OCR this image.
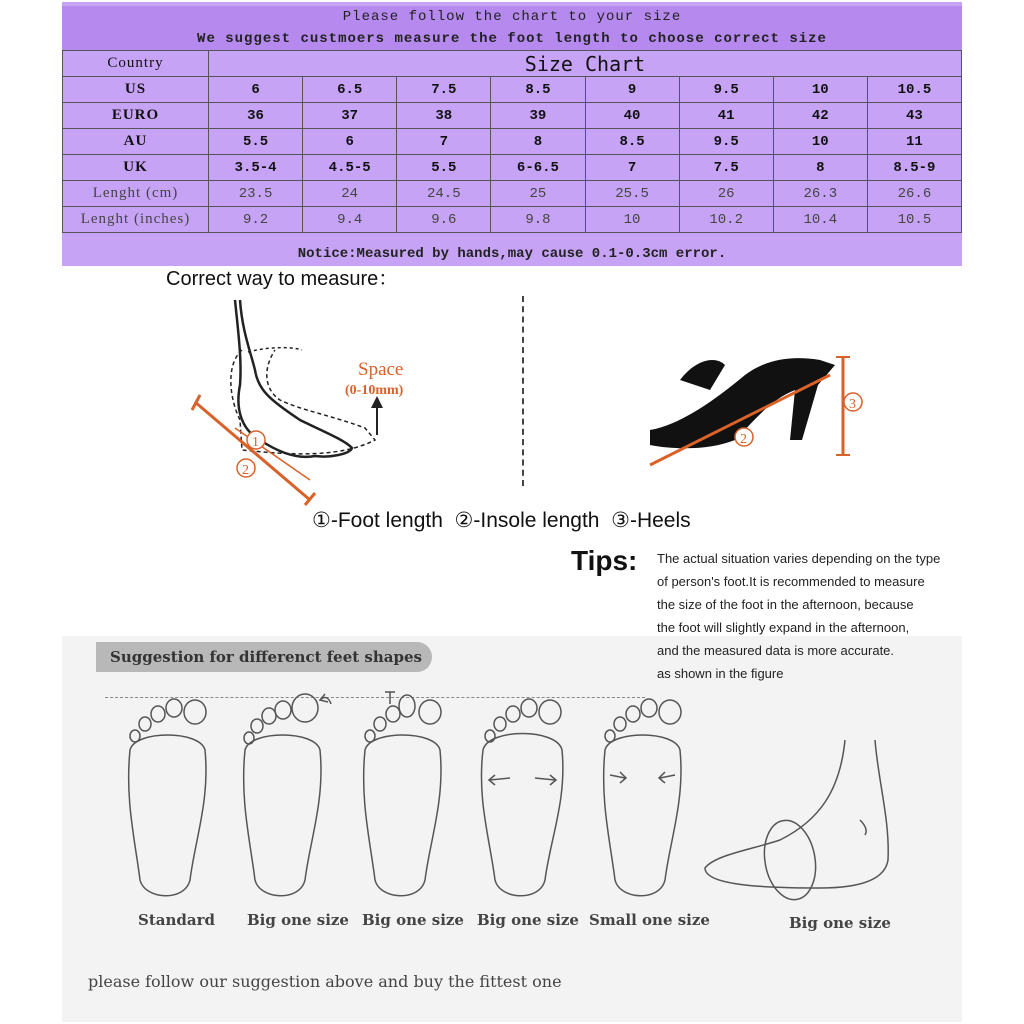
Please follow the chart to your size
We suggest custmoers measure the foot length to choose correct size
Country	Size Chart							
US	6	6.5	7.5	8.5	9	9.5	10	10.5
EURO	36	37	38	39	40	41	42	43
AU	5.5	6	7	8	8.5	9.5	10	11
UK	3.5-4	4.5-5	5.5	6-6.5	7	7.5	8	8.5-9
Lenght (cm)	23.5	24	24.5	25	25.5	26	26.3	26.6
Lenght (inches)	9.2	9.4	9.6	9.8	10	10.2	10.4	10.5
Notice:Measured by hands,may cause 0.1-0.3cm error.
Correct way to measure：
1
2
Space
(0-10mm)
2
3
①-Foot length  ②-Insole length  ③-Heels
Tips: The actual situation varies depending on the type
of person's foot.It is recommended to measure
the size of the foot in the afternoon, because
the foot will slightly expand in the afternoon,
and the measured data is more accurate.
as shown in the figure
Suggestion for differenct feet shapes
Standard Big one size Big one size Big one size Small one size	Big one size
please follow our suggestion above and buy the fittest one
